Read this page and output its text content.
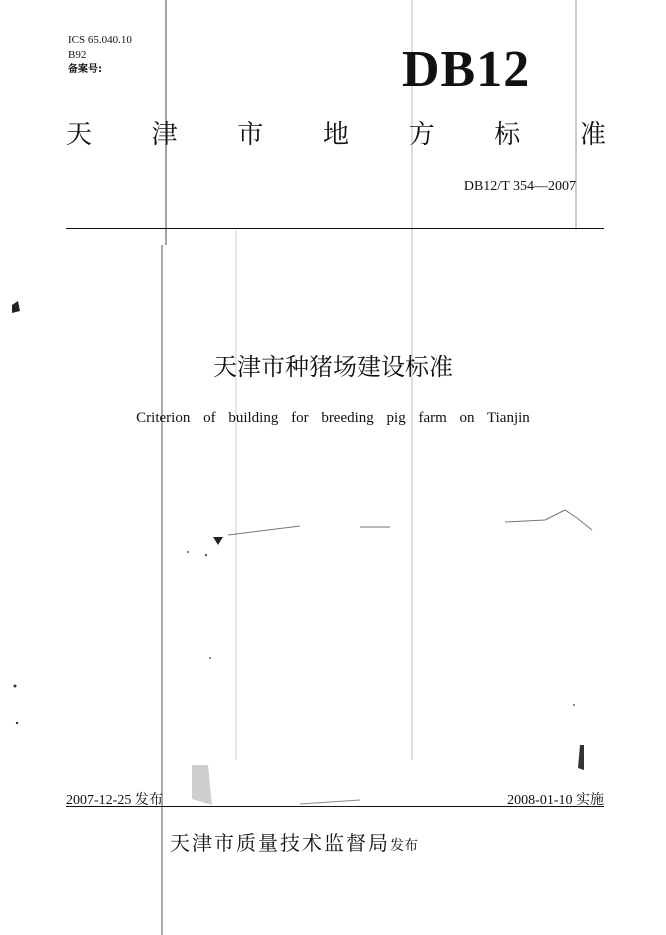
ICS 65.040.10
B92
备案号:	DB12
天 津 市 地 方 标 准
DB12/T 354—2007
天津市种猪场建设标准
Criterion of building for breeding pig farm on Tianjin
2007-12-25 发布	2008-01-10 实施
天津市质量技术监督局发布
